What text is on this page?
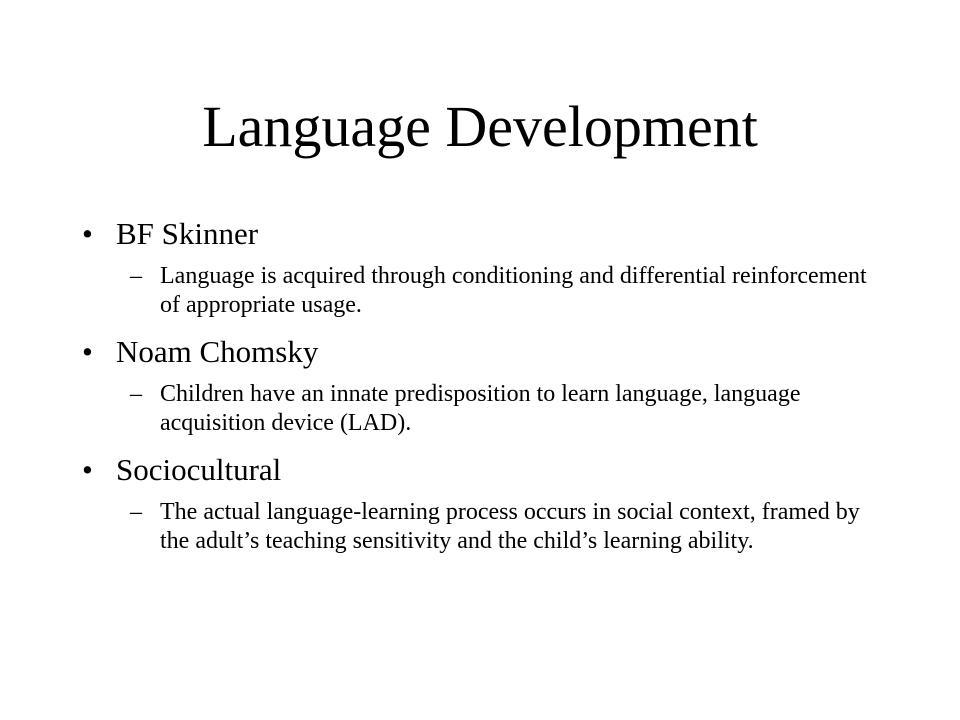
Language Development
• BF Skinner
– Language is acquired through conditioning and differential reinforcement of appropriate usage.
• Noam Chomsky
– Children have an innate predisposition to learn language, language acquisition device (LAD).
• Sociocultural
– The actual language-learning process occurs in social context, framed by the adult’s teaching sensitivity and the child’s learning ability.
